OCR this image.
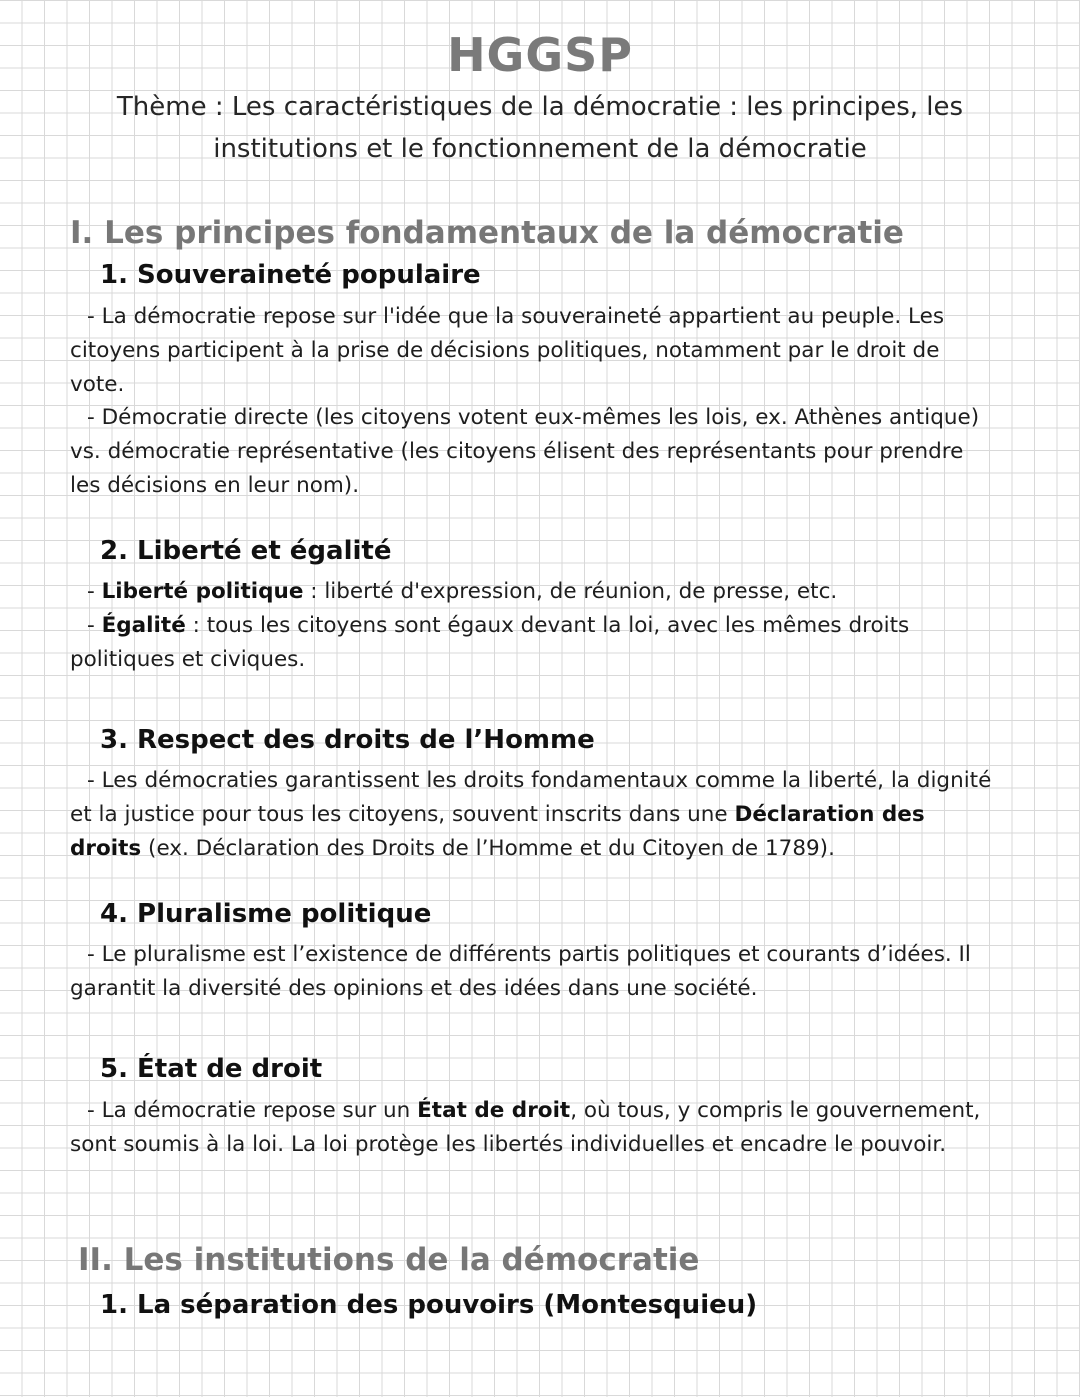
HGGSP

Thème : Les caractéristiques de la démocratie : les principes, les institutions et le fonctionnement de la démocratie

I. Les principes fondamentaux de la démocratie
1. Souveraineté populaire

- La démocratie repose sur l'idée que la souveraineté appartient au peuple. Les citoyens participent à la prise de décisions politiques, notamment par le droit de vote.

- Démocratie directe (les citoyens votent eux-mêmes les lois, ex. Athènes antique) vs. démocratie représentative (les citoyens élisent des représentants pour prendre les décisions en leur nom).

2. Liberté et égalité

- Liberté politique : liberté d'expression, de réunion, de presse, etc.

- Égalité : tous les citoyens sont égaux devant la loi, avec les mêmes droits politiques et civiques.

3. Respect des droits de l’Homme

- Les démocraties garantissent les droits fondamentaux comme la liberté, la dignité et la justice pour tous les citoyens, souvent inscrits dans une Déclaration des droits (ex. Déclaration des Droits de l’Homme et du Citoyen de 1789).

4. Pluralisme politique

- Le pluralisme est l’existence de différents partis politiques et courants d’idées. Il garantit la diversité des opinions et des idées dans une société.

5. État de droit

- La démocratie repose sur un État de droit, où tous, y compris le gouvernement, sont soumis à la loi. La loi protège les libertés individuelles et encadre le pouvoir.

II. Les institutions de la démocratie
1. La séparation des pouvoirs (Montesquieu)
